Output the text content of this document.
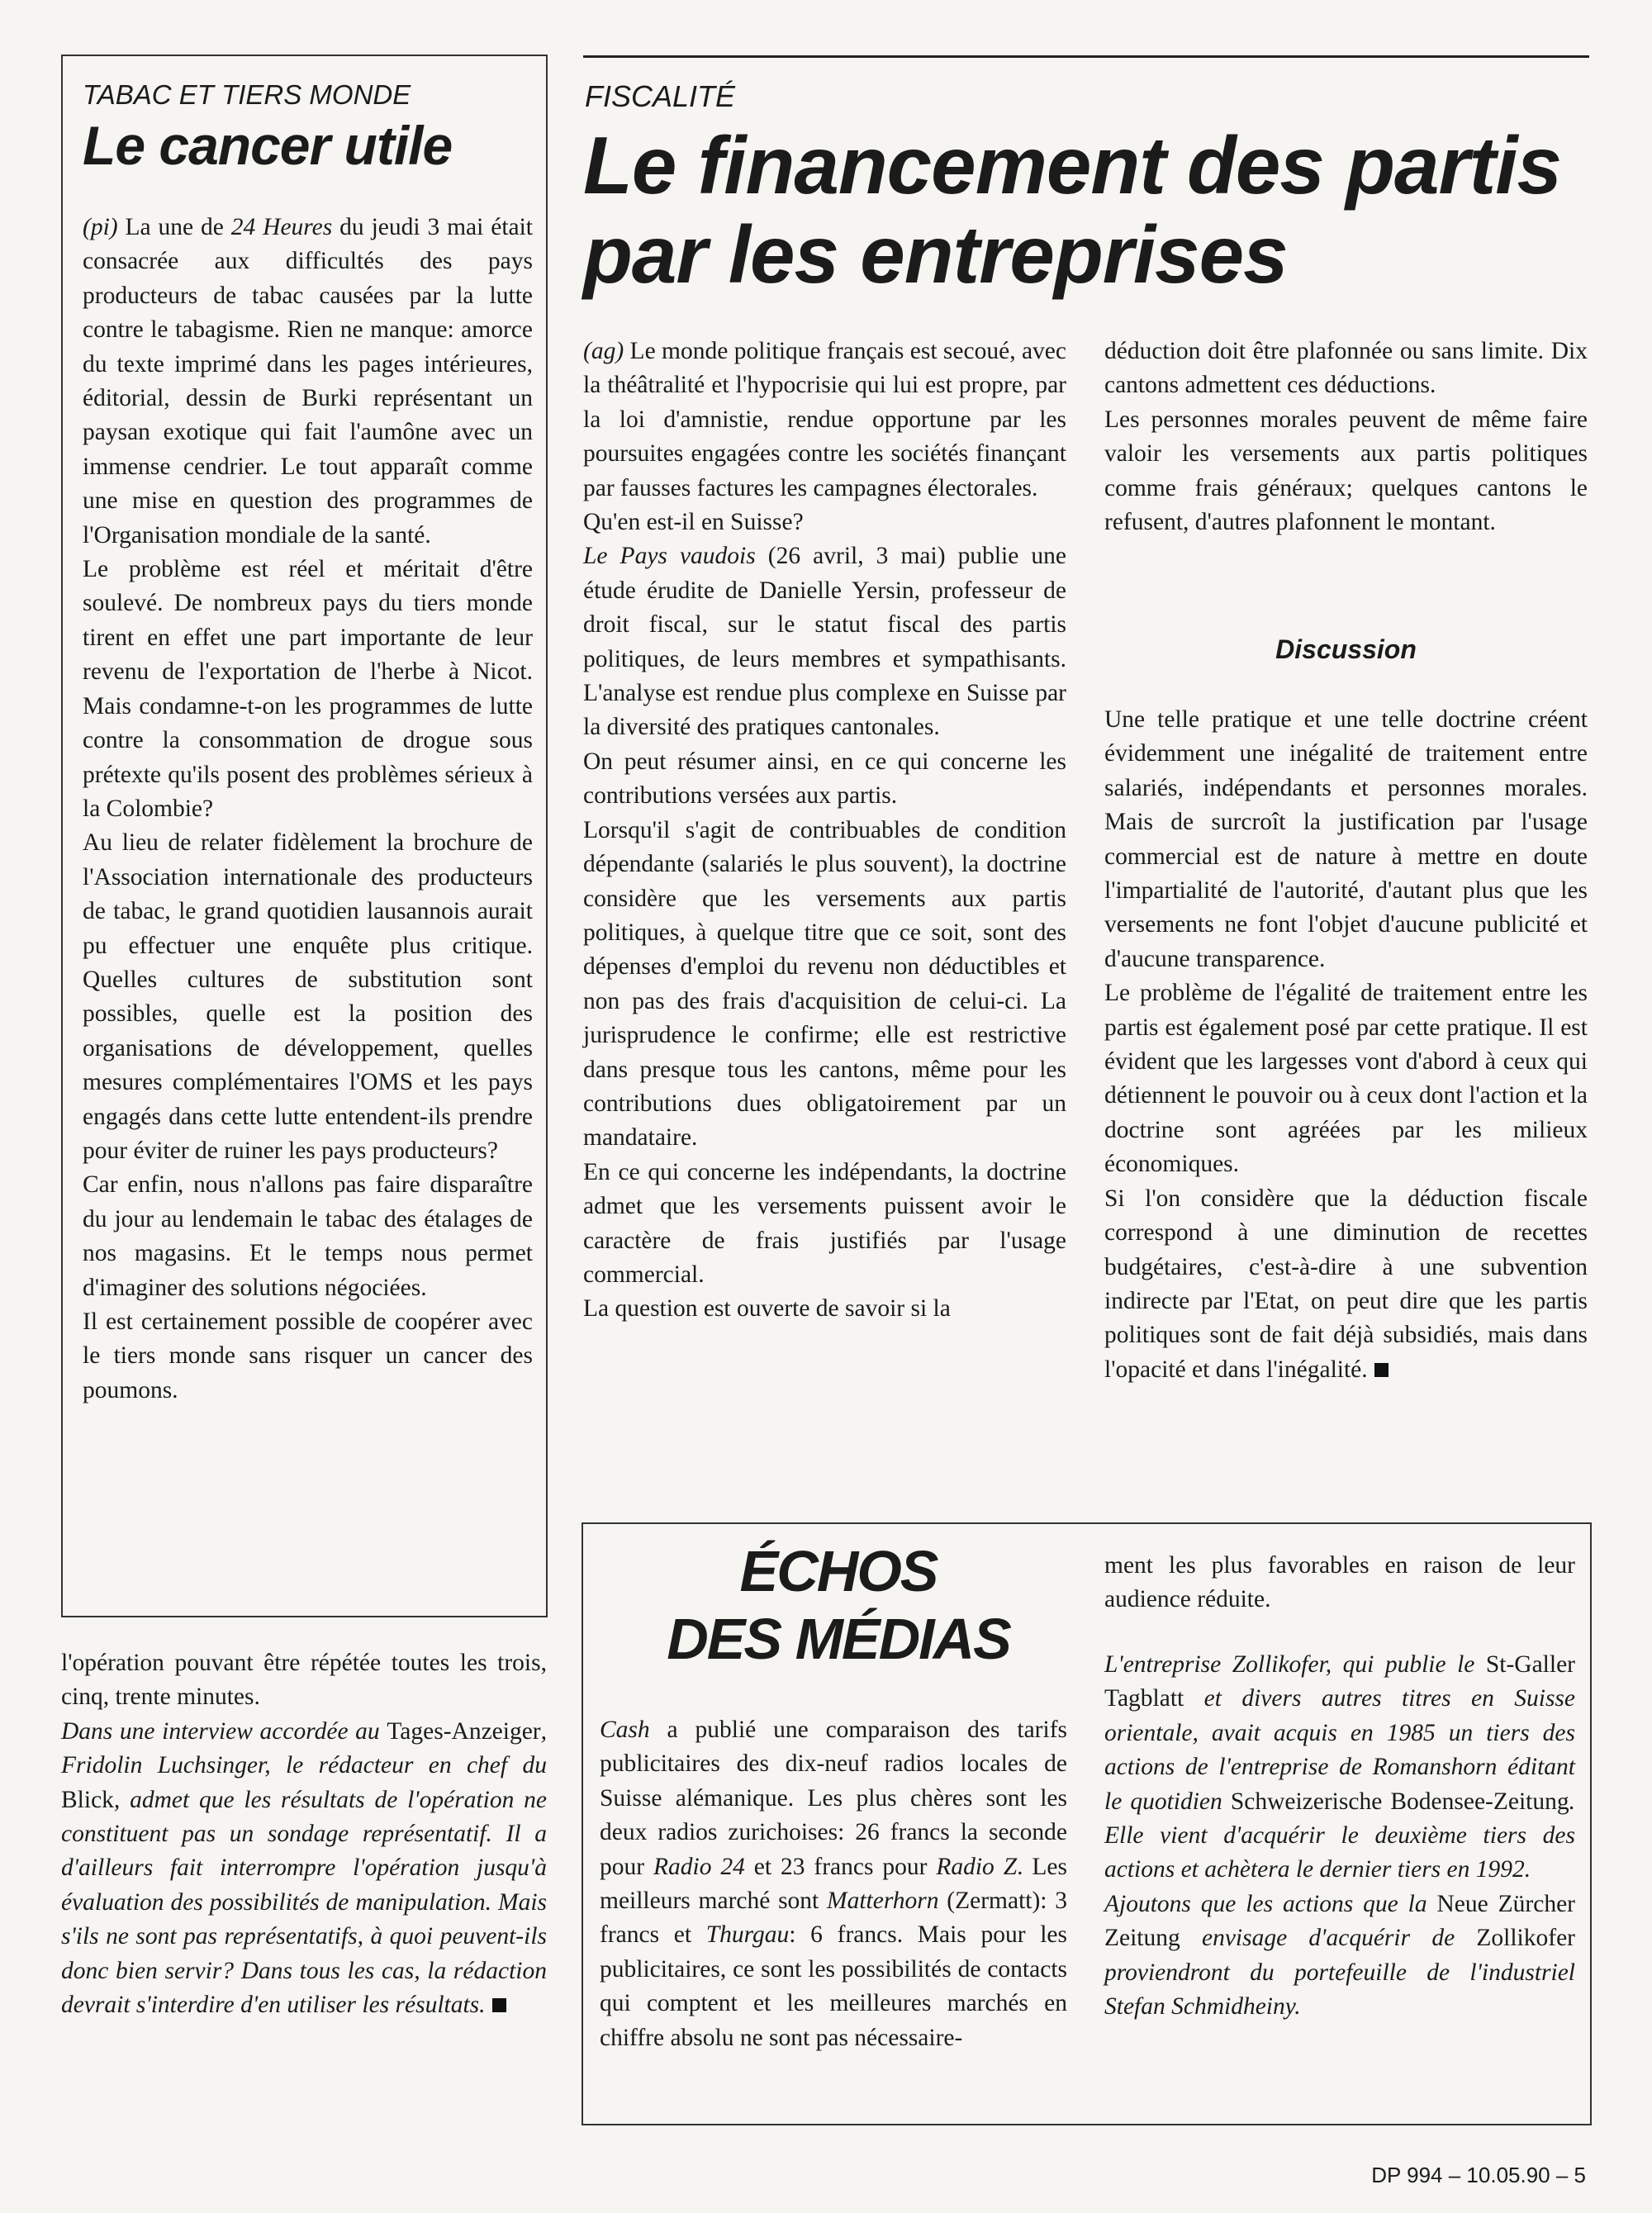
TABAC ET TIERS MONDE
Le cancer utile

(pi) La une de 24 Heures du jeudi 3 mai était consacrée aux difficultés des pays producteurs de tabac causées par la lutte contre le tabagisme. Rien ne manque: amorce du texte imprimé dans les pages intérieures, éditorial, dessin de Burki représentant un paysan exotique qui fait l'aumône avec un immense cendrier. Le tout apparaît comme une mise en question des programmes de l'Organisation mondiale de la santé.

Le problème est réel et méritait d'être soulevé. De nombreux pays du tiers monde tirent en effet une part importante de leur revenu de l'exportation de l'herbe à Nicot. Mais condamne-t-on les programmes de lutte contre la consommation de drogue sous prétexte qu'ils posent des problèmes sérieux à la Colombie?

Au lieu de relater fidèlement la brochure de l'Association internationale des producteurs de tabac, le grand quotidien lausannois aurait pu effectuer une enquête plus critique. Quelles cultures de substitution sont possibles, quelle est la position des organisations de développement, quelles mesures complémentaires l'OMS et les pays engagés dans cette lutte entendent-ils prendre pour éviter de ruiner les pays producteurs?

Car enfin, nous n'allons pas faire disparaître du jour au lendemain le tabac des étalages de nos magasins. Et le temps nous permet d'imaginer des solutions négociées.

Il est certainement possible de coopérer avec le tiers monde sans risquer un cancer des poumons.

l'opération pouvant être répétée toutes les trois, cinq, trente minutes.

Dans une interview accordée au Tages-Anzeiger, Fridolin Luchsinger, le rédacteur en chef du Blick, admet que les résultats de l'opération ne constituent pas un sondage représentatif. Il a d'ailleurs fait interrompre l'opération jusqu'à évaluation des possibilités de manipulation. Mais s'ils ne sont pas représentatifs, à quoi peuvent-ils donc bien servir? Dans tous les cas, la rédaction devrait s'interdire d'en utiliser les résultats.

FISCALITÉ
Le financement des partis
par les entreprises

(ag) Le monde politique français est secoué, avec la théâtralité et l'hypocrisie qui lui est propre, par la loi d'amnistie, rendue opportune par les poursuites engagées contre les sociétés finançant par fausses factures les campagnes électorales.

Qu'en est-il en Suisse?

Le Pays vaudois (26 avril, 3 mai) publie une étude érudite de Danielle Yersin, professeur de droit fiscal, sur le statut fiscal des partis politiques, de leurs membres et sympathisants. L'analyse est rendue plus complexe en Suisse par la diversité des pratiques cantonales.

On peut résumer ainsi, en ce qui concerne les contributions versées aux partis.

Lorsqu'il s'agit de contribuables de condition dépendante (salariés le plus souvent), la doctrine considère que les versements aux partis politiques, à quelque titre que ce soit, sont des dépenses d'emploi du revenu non déductibles et non pas des frais d'acquisition de celui-ci. La jurisprudence le confirme; elle est restrictive dans presque tous les cantons, même pour les contributions dues obligatoirement par un mandataire.

En ce qui concerne les indépendants, la doctrine admet que les versements puissent avoir le caractère de frais justifiés par l'usage commercial.

La question est ouverte de savoir si la

déduction doit être plafonnée ou sans limite. Dix cantons admettent ces déductions.

Les personnes morales peuvent de même faire valoir les versements aux partis politiques comme frais généraux; quelques cantons le refusent, d'autres plafonnent le montant.

Discussion

Une telle pratique et une telle doctrine créent évidemment une inégalité de traitement entre salariés, indépendants et personnes morales. Mais de surcroît la justification par l'usage commercial est de nature à mettre en doute l'impartialité de l'autorité, d'autant plus que les versements ne font l'objet d'aucune publicité et d'aucune transparence.

Le problème de l'égalité de traitement entre les partis est également posé par cette pratique. Il est évident que les largesses vont d'abord à ceux qui détiennent le pouvoir ou à ceux dont l'action et la doctrine sont agréées par les milieux économiques.

Si l'on considère que la déduction fiscale correspond à une diminution de recettes budgétaires, c'est-à-dire à une subvention indirecte par l'Etat, on peut dire que les partis politiques sont de fait déjà subsidiés, mais dans l'opacité et dans l'inégalité.

ÉCHOS
DES MÉDIAS

Cash a publié une comparaison des tarifs publicitaires des dix-neuf radios locales de Suisse alémanique. Les plus chères sont les deux radios zurichoises: 26 francs la seconde pour Radio 24 et 23 francs pour Radio Z. Les meilleurs marché sont Matterhorn (Zermatt): 3 francs et Thurgau: 6 francs. Mais pour les publicitaires, ce sont les possibilités de contacts qui comptent et les meilleures marchés en chiffre absolu ne sont pas nécessaire-

ment les plus favorables en raison de leur audience réduite.

L'entreprise Zollikofer, qui publie le St-Galler Tagblatt et divers autres titres en Suisse orientale, avait acquis en 1985 un tiers des actions de l'entreprise de Romanshorn éditant le quotidien Schweizerische Bodensee-Zeitung. Elle vient d'acquérir le deuxième tiers des actions et achètera le dernier tiers en 1992.

Ajoutons que les actions que la Neue Zürcher Zeitung envisage d'acquérir de Zollikofer proviendront du portefeuille de l'industriel Stefan Schmidheiny.

DP 994 – 10.05.90 – 5
